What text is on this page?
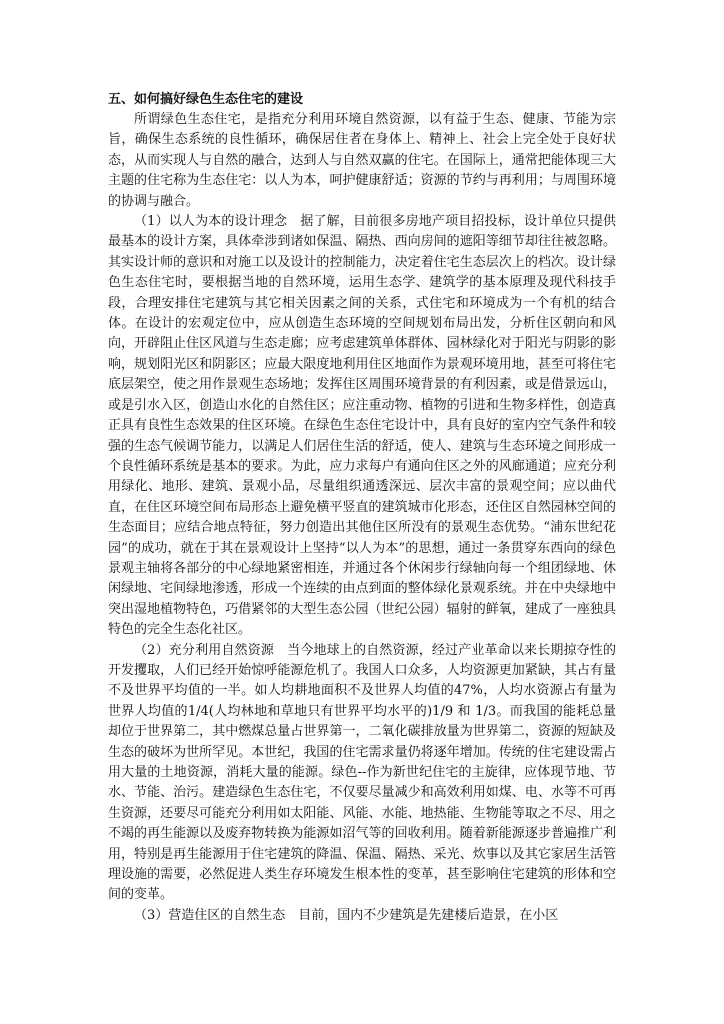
五、如何搞好绿色生态住宅的建设

所谓绿色生态住宅，是指充分利用环境自然资源，以有益于生态、健康、节能为宗旨，确保生态系统的良性循环，确保居住者在身体上、精神上、社会上完全处于良好状态，从而实现人与自然的融合，达到人与自然双赢的住宅。在国际上，通常把能体现三大主题的住宅称为生态住宅：以人为本，呵护健康舒适；资源的节约与再利用；与周围环境的协调与融合。

（1）以人为本的设计理念　据了解，目前很多房地产项目招投标，设计单位只提供最基本的设计方案，具体牵涉到诸如保温、隔热、西向房间的遮阳等细节却往往被忽略。其实设计师的意识和对施工以及设计的控制能力，决定着住宅生态层次上的档次。设计绿色生态住宅时，要根据当地的自然环境，运用生态学、建筑学的基本原理及现代科技手段，合理安排住宅建筑与其它相关因素之间的关系，式住宅和环境成为一个有机的结合体。在设计的宏观定位中，应从创造生态环境的空间规划布局出发，分析住区朝向和风向，开辟阻止住区风道与生态走廊；应考虑建筑单体群体、园林绿化对于阳光与阴影的影响，规划阳光区和阴影区；应最大限度地利用住区地面作为景观环境用地，甚至可将住宅底层架空，使之用作景观生态场地；发挥住区周围环境背景的有利因素，或是借景远山，或是引水入区，创造山水化的自然住区；应注重动物、植物的引进和生物多样性，创造真正具有良性生态效果的住区环境。在绿色生态住宅设计中，具有良好的室内空气条件和较强的生态气候调节能力，以满足人们居住生活的舒适，使人、建筑与生态环境之间形成一个良性循环系统是基本的要求。为此，应力求每户有通向住区之外的风廊通道；应充分利用绿化、地形、建筑、景观小品，尽量组织通透深远、层次丰富的景观空间；应以曲代直，在住区环境空间布局形态上避免横平竖直的建筑城市化形态，还住区自然园林空间的生态面目；应结合地点特征，努力创造出其他住区所没有的景观生态优势。“浦东世纪花园”的成功，就在于其在景观设计上坚持“以人为本”的思想，通过一条贯穿东西向的绿色景观主轴将各部分的中心绿地紧密相连，并通过各个休闲步行绿轴向每一个组团绿地、休闲绿地、宅间绿地渗透，形成一个连续的由点到面的整体绿化景观系统。并在中央绿地中突出湿地植物特色，巧借紧邻的大型生态公园（世纪公园）辐射的鲜氧，建成了一座独具特色的完全生态化社区。

（2）充分利用自然资源　当今地球上的自然资源，经过产业革命以来长期掠夺性的开发攫取，人们已经开始惊呼能源危机了。我国人口众多，人均资源更加紧缺，其占有量不及世界平均值的一半。如人均耕地面积不及世界人均值的47%，人均水资源占有量为世界人均值的1/4(人均林地和草地只有世界平均水平的)1/9 和 1/3。而我国的能耗总量却位于世界第二，其中燃煤总量占世界第一，二氧化碳排放量为世界第二，资源的短缺及生态的破坏为世所罕见。本世纪，我国的住宅需求量仍将逐年增加。传统的住宅建设需占用大量的土地资源，消耗大量的能源。绿色--作为新世纪住宅的主旋律，应体现节地、节水、节能、治污。建造绿色生态住宅，不仅要尽量减少和高效利用如煤、电、水等不可再生资源，还要尽可能充分利用如太阳能、风能、水能、地热能、生物能等取之不尽、用之不竭的再生能源以及废弃物转换为能源如沼气等的回收利用。随着新能源逐步普遍推广利用，特别是再生能源用于住宅建筑的降温、保温、隔热、采光、炊事以及其它家居生活管理设施的需要，必然促进人类生存环境发生根本性的变革，甚至影响住宅建筑的形体和空间的变革。

（3）营造住区的自然生态　目前，国内不少建筑是先建楼后造景，在小区
